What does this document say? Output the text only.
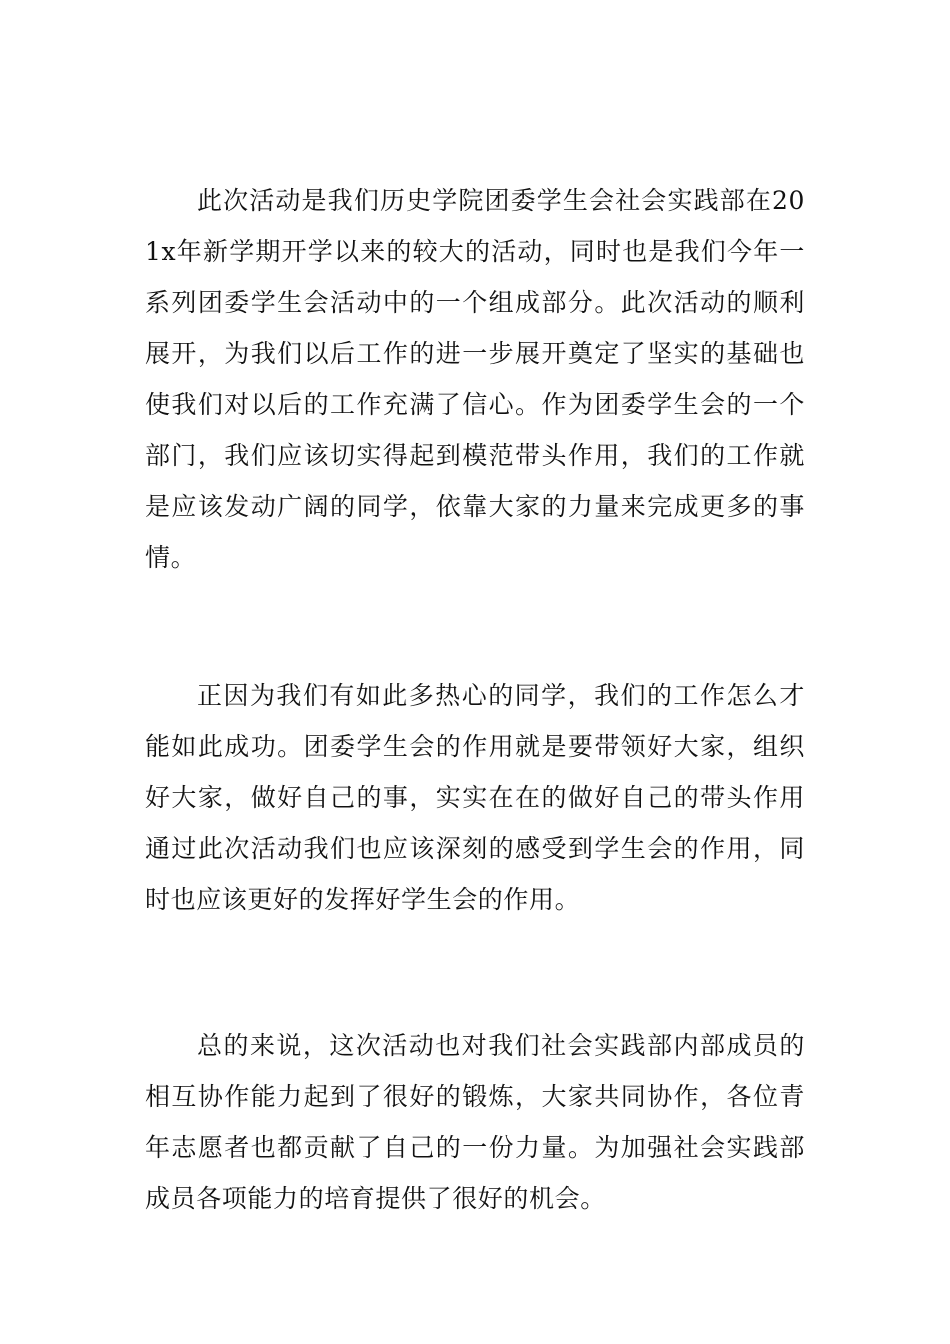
此次活动是我们历史学院团委学生会社会实践部在201x年新学期开学以来的较大的活动，同时也是我们今年一系列团委学生会活动中的一个组成部分。此次活动的顺利展开，为我们以后工作的进一步展开奠定了坚实的基础也使我们对以后的工作充满了信心。作为团委学生会的一个部门，我们应该切实得起到模范带头作用，我们的工作就是应该发动广阔的同学，依靠大家的力量来完成更多的事情。

正因为我们有如此多热心的同学，我们的工作怎么才能如此成功。团委学生会的作用就是要带领好大家，组织好大家，做好自己的事，实实在在的做好自己的带头作用通过此次活动我们也应该深刻的感受到学生会的作用，同时也应该更好的发挥好学生会的作用。

总的来说，这次活动也对我们社会实践部内部成员的相互协作能力起到了很好的锻炼，大家共同协作，各位青年志愿者也都贡献了自己的一份力量。为加强社会实践部成员各项能力的培育提供了很好的机会。
